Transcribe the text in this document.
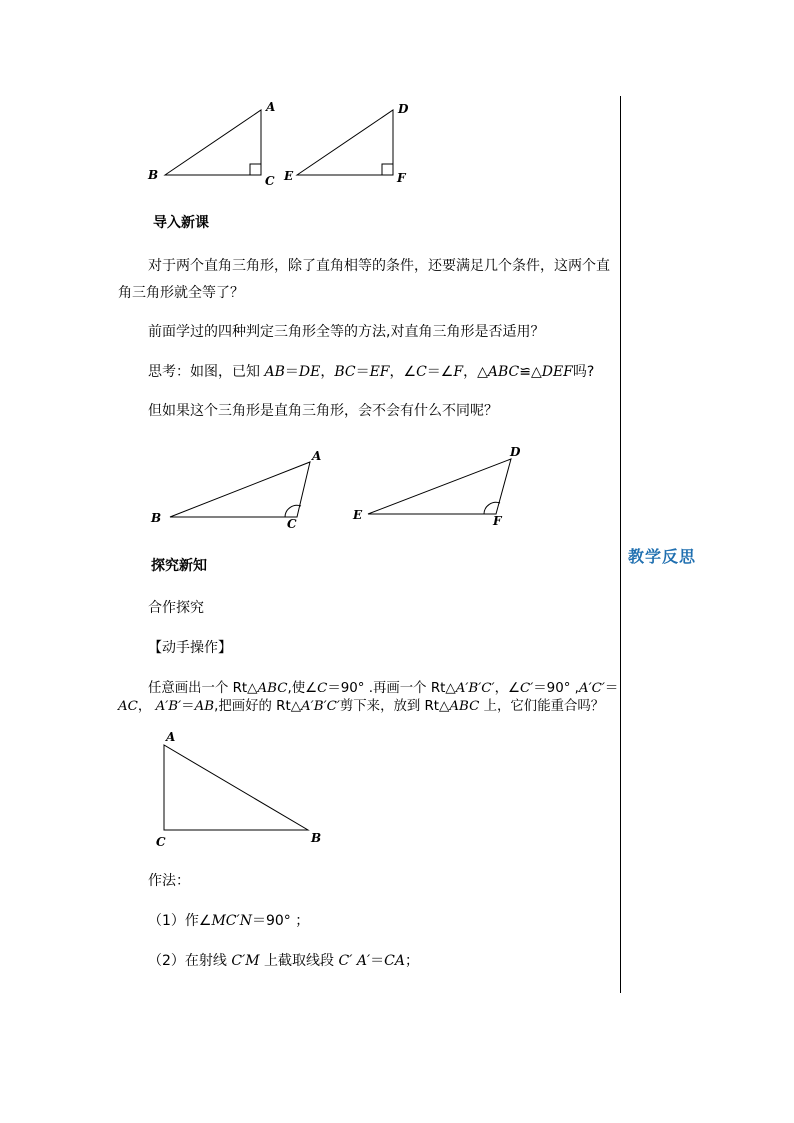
教学反思
A
B	C
D
E	F
导入新课
对于两个直角三角形，除了直角相等的条件，还要满足几个条件，这两个直
角三角形就全等了？
前面学过的四种判定三角形全等的方法,对直角三角形是否适用？
思考：如图，已知 AB＝DE，BC＝EF，∠C＝∠F，△ABC≌△DEF吗?
但如果这个三角形是直角三角形，会不会有什么不同呢？
A
B	C
D
E	F
探究新知
合作探究
【动手操作】
任意画出一个 Rt△ABC,使∠C＝90° .再画一个 Rt△A′B′C′，∠C′＝90° ,A′C′＝
AC， A′B′＝AB,把画好的 Rt△A′B′C′剪下来，放到 Rt△ABC 上，它们能重合吗？
A
B
C
作法：
（1）作∠MC′N＝90° ；
（2）在射线 C′M 上截取线段 C′ A′＝CA；
